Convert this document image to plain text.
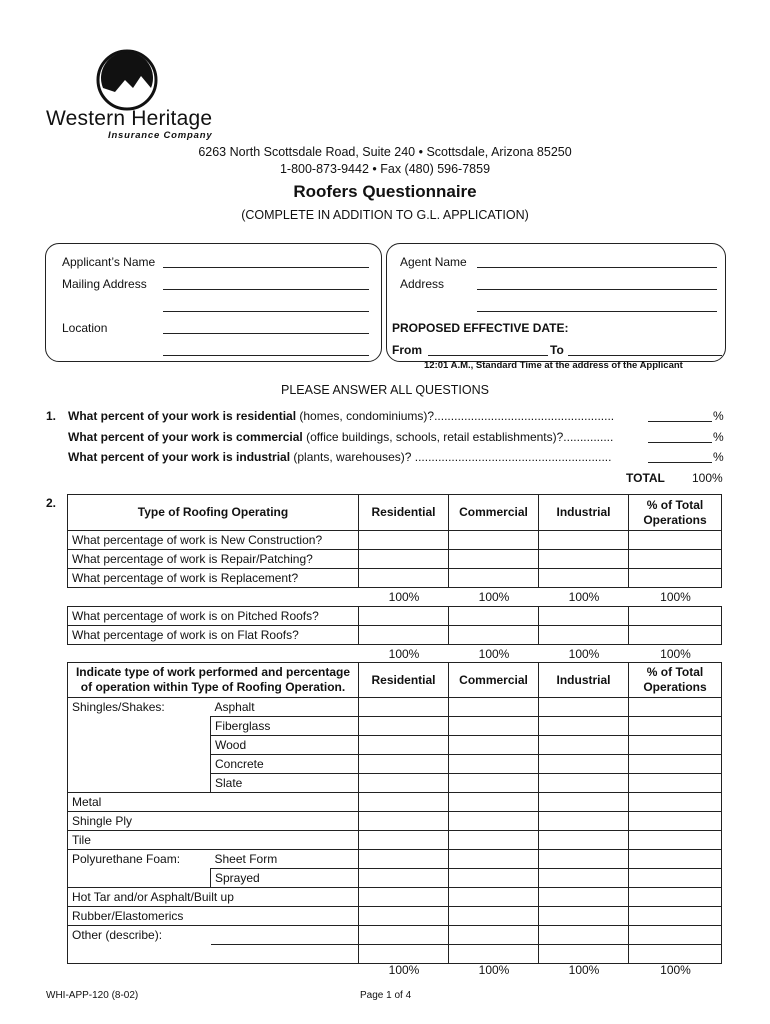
Western Heritage
Insurance Company
6263 North Scottsdale Road, Suite 240 • Scottsdale, Arizona 85250
1-800-873-9442 • Fax (480) 596-7859
Roofers Questionnaire
(COMPLETE IN ADDITION TO G.L. APPLICATION)
Applicant’s Name
Mailing Address
Location
Agent Name
Address
PROPOSED EFFECTIVE DATE:
From	To
12:01 A.M., Standard Time at the address of the Applicant
PLEASE ANSWER ALL QUESTIONS
1. What percent of your work is residential (homes, condominiums)?......................................................	%
What percent of your work is commercial (office buildings, schools, retail establishments)?...............	%
What percent of your work is industrial (plants, warehouses)? ...........................................................	%
TOTAL 100%
2.
Type of Roofing Operating	Residential	Commercial	Industrial	% of Total Operations
What percentage of work is New Construction?				
What percentage of work is Repair/Patching?				
What percentage of work is Replacement?				
100%	100%	100%	100%
What percentage of work is on Pitched Roofs?				
What percentage of work is on Flat Roofs?				
100%	100%	100%	100%
Indicate type of work performed and percentage of operation within Type of Roofing Operation.		Residential	Commercial	Industrial	% of Total Operations
Shingles/Shakes:	Asphalt				
	Fiberglass				
	Wood				
	Concrete				
	Slate				
Metal					
Shingle Ply					
Tile					
Polyurethane Foam:	Sheet Form				
	Sprayed				
Hot Tar and/or Asphalt/Built up					
Rubber/Elastomerics					
Other (describe):					

100%	100%	100%	100%
WHI-APP-120 (8-02)	Page 1 of 4
